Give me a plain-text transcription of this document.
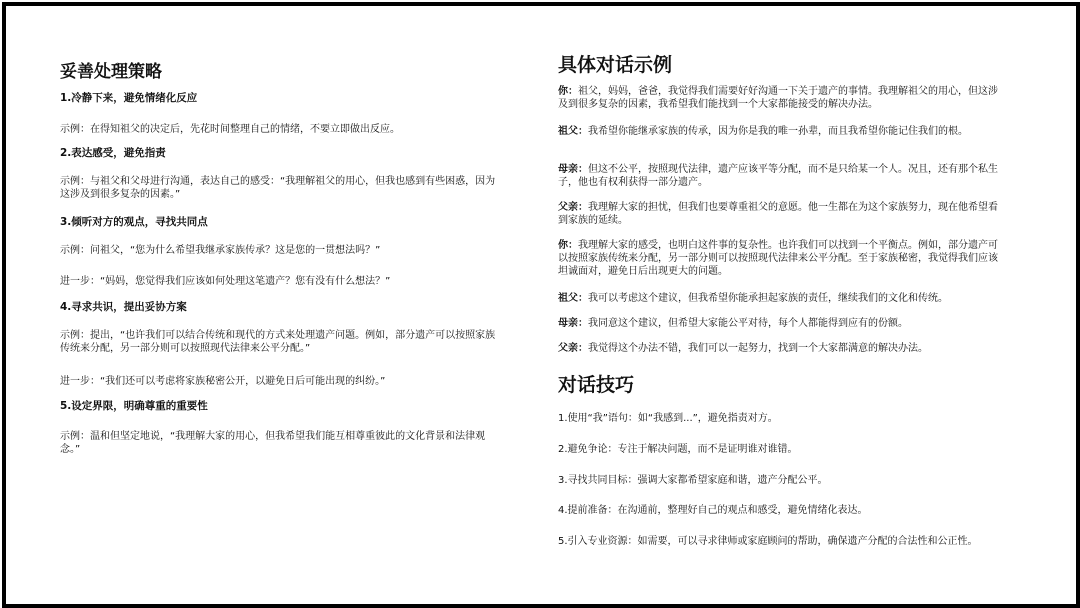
妥善处理策略

1.冷静下来，避免情绪化反应

示例：在得知祖父的决定后，先花时间整理自己的情绪，不要立即做出反应。

2.表达感受，避免指责

示例：与祖父和父母进行沟通，表达自己的感受：“我理解祖父的用心，但我也感到有些困惑，因为这涉及到很多复杂的因素。”

3.倾听对方的观点，寻找共同点

示例：问祖父，“您为什么希望我继承家族传承？这是您的一贯想法吗？”

进一步：“妈妈，您觉得我们应该如何处理这笔遗产？您有没有什么想法？”

4.寻求共识，提出妥协方案

示例：提出，“也许我们可以结合传统和现代的方式来处理遗产问题。例如，部分遗产可以按照家族传统来分配，另一部分则可以按照现代法律来公平分配。”

进一步：“我们还可以考虑将家族秘密公开，以避免日后可能出现的纠纷。”

5.设定界限，明确尊重的重要性

示例：温和但坚定地说，“我理解大家的用心，但我希望我们能互相尊重彼此的文化背景和法律观念。”

具体对话示例

你：祖父，妈妈，爸爸，我觉得我们需要好好沟通一下关于遗产的事情。我理解祖父的用心，但这涉及到很多复杂的因素，我希望我们能找到一个大家都能接受的解决办法。

祖父：我希望你能继承家族的传承，因为你是我的唯一孙辈，而且我希望你能记住我们的根。

母亲：但这不公平，按照现代法律，遗产应该平等分配，而不是只给某一个人。况且，还有那个私生子，他也有权利获得一部分遗产。

父亲：我理解大家的担忧，但我们也要尊重祖父的意愿。他一生都在为这个家族努力，现在他希望看到家族的延续。

你：我理解大家的感受，也明白这件事的复杂性。也许我们可以找到一个平衡点。例如，部分遗产可以按照家族传统来分配，另一部分则可以按照现代法律来公平分配。至于家族秘密，我觉得我们应该坦诚面对，避免日后出现更大的问题。

祖父：我可以考虑这个建议，但我希望你能承担起家族的责任，继续我们的文化和传统。

母亲：我同意这个建议，但希望大家能公平对待，每个人都能得到应有的份额。

父亲：我觉得这个办法不错，我们可以一起努力，找到一个大家都满意的解决办法。

对话技巧

1.使用“我”语句：如“我感到...”，避免指责对方。

2.避免争论：专注于解决问题，而不是证明谁对谁错。

3.寻找共同目标：强调大家都希望家庭和谐，遗产分配公平。

4.提前准备：在沟通前，整理好自己的观点和感受，避免情绪化表达。

5.引入专业资源：如需要，可以寻求律师或家庭顾问的帮助，确保遗产分配的合法性和公正性。
